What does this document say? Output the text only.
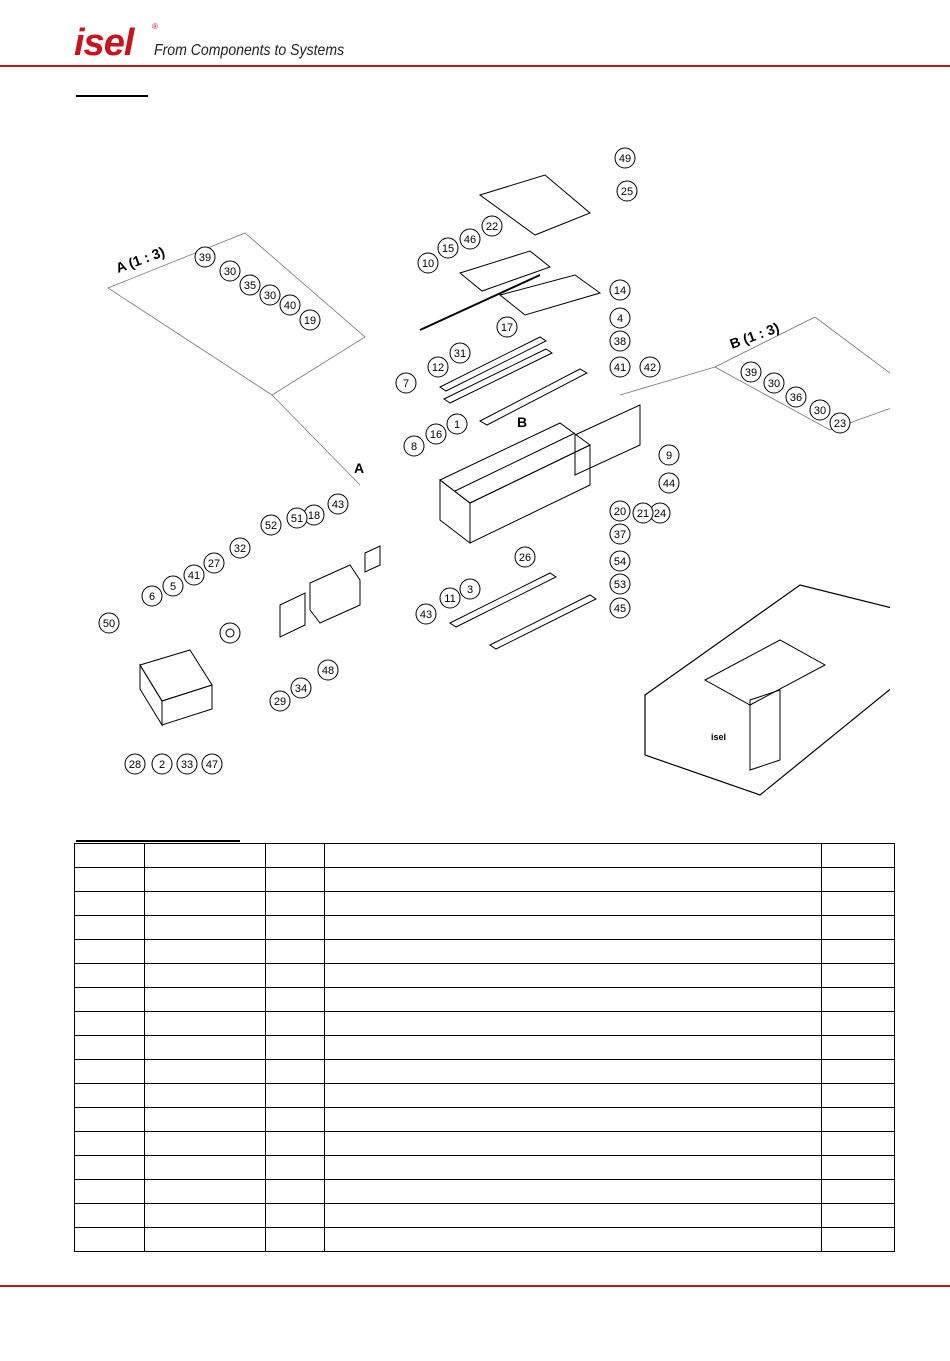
isel ®
From Components to Systems
49
25
22
46
15
10
14
4
17
38
31
12
7
39
30
35
30
40
19
41 42	39
30
36
30
23
1
16
8
9
44
24
21
20
37
54
26
53
45
3
11
43
43
18
51
52
32
27
41
5
6
50
48
34
29
28 2 33 47
A (1 : 3)
B (1 : 3)
A
B
isel
